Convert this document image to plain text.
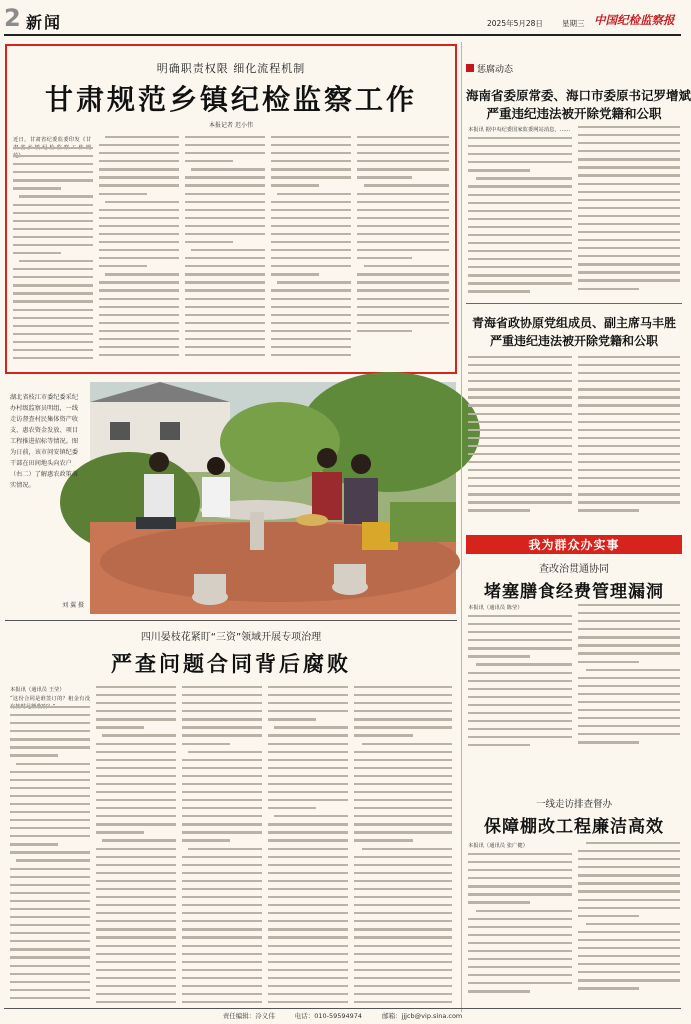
2 新闻	2025年5月28日	星期三 中国纪检监察报
明确职责权限 细化流程机制
甘肃规范乡镇纪检监察工作
本报记者 迟小伟
近日，甘肃省纪委监委印发《甘
湖北省枝江市委纪委采纪办村级监察员明组，一线走访督查村民集体资产收支、惠农资金发放、项目工程推进招标等情况。图为日前，该市问安镇纪委干部在田间地头向农户（右二）了解惠农政策落实情况。
刘 翼 摄
四川晏枝花紧盯“三资”领域开展专项治理
严查问题合同背后腐败
本报讯（通讯员 王莹）
“这份合同是谁签订的？租金有没
惩腐动态
海南省委原常委、海口市委原书记罗增斌
严重违纪违法被开除党籍和公职
本报讯 据中央纪委国家监委网站消息，……
青海省政协原党组成员、副主席马丰胜
严重违纪违法被开除党籍和公职
我为群众办实事
查改治贯通协同
堵塞膳食经费管理漏洞
本报讯（通讯员 陈莹）
一线走访排查督办
保障棚改工程廉洁高效
本报讯（通讯员 张广健）
责任编辑：冷义伟	电话：010-59594974	邮箱：jjjcb@vip.sina.com
